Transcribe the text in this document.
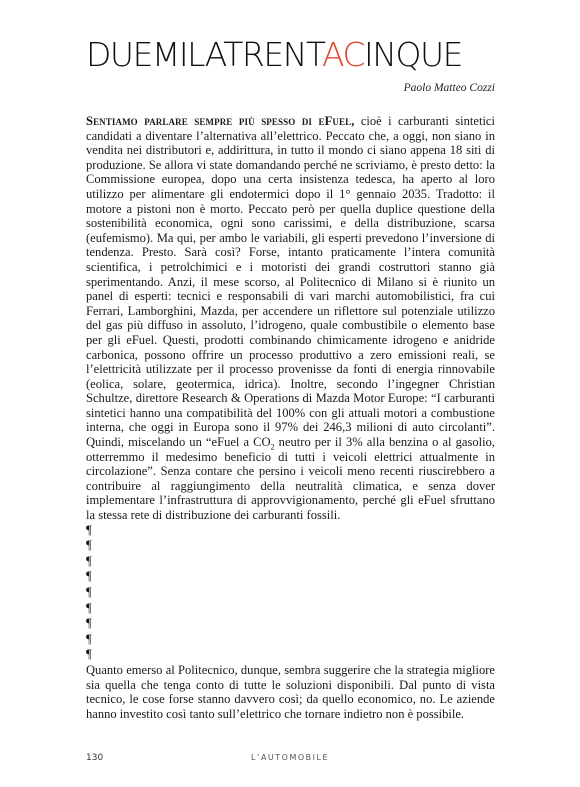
DUEMILATRENTACINQUE
Paolo Matteo Cozzi

Sentiamo parlare sempre più spesso di eFuel, cioè i carburanti sintetici candidati a diventare l’alternativa all’elettrico. Peccato che, a oggi, non siano in vendita nei distributori e, addirittura, in tutto il mondo ci siano appena 18 siti di produzione. Se allora vi state domandando perché ne scriviamo, è presto detto: la Commissione europea, dopo una certa insistenza tedesca, ha aperto al loro utilizzo per alimentare gli endotermici dopo il 1° gennaio 2035. Tradotto: il motore a pistoni non è morto. Peccato però per quella duplice questione della sostenibilità economica, ogni sono carissimi, e della distribuzione, scarsa (eufemismo). Ma qui, per ambo le variabili, gli esperti prevedono l’inversione di tendenza. Presto. Sarà così? Forse, intanto praticamente l’intera comunità scientifica, i petrolchimici e i motoristi dei grandi costruttori stanno già sperimentando. Anzi, il mese scorso, al Politecnico di Milano si è riunito un panel di esperti: tecnici e responsabili di vari marchi automobilistici, fra cui Ferrari, Lamborghini, Mazda, per accendere un riflettore sul potenziale utilizzo del gas più diffuso in assoluto, l’idrogeno, quale combustibile o elemento base per gli eFuel. Questi, prodotti combinando chimicamente idrogeno e anidride carbonica, possono offrire un processo produttivo a zero emissioni reali, se l’elettricità utilizzate per il processo provenisse da fonti di energia rinnovabile (eolica, solare, geotermica, idrica). Inoltre, secondo l’ingegner Christian Schultze, direttore Research & Operations di Mazda Motor Europe: “I carburanti sintetici hanno una compatibilità del 100% con gli attuali motori a combustione interna, che oggi in Europa sono il 97% dei 246,3 milioni di auto circolanti”. Quindi, miscelando un “eFuel a $CO_2$ neutro per il 3% alla benzina o al gasolio, otterremmo il medesimo beneficio di tutti i veicoli elettrici attualmente in circolazione”. Senza contare che persino i veicoli meno recenti riuscirebbero a contribuire al raggiungimento della neutralità climatica, e senza dover implementare l’infrastruttura di approvvigionamento, perché gli eFuel sfruttano la stessa rete di distribuzione dei carburanti fossili.

¶
¶
¶
¶
¶
¶
¶
¶
¶

Quanto emerso al Politecnico, dunque, sembra suggerire che la strategia migliore sia quella che tenga conto di tutte le soluzioni disponibili. Dal punto di vista tecnico, le cose forse stanno davvero così; da quello economico, no. Le aziende hanno investito così tanto sull’elettrico che tornare indietro non è possibile.

130	L’AUTOMOBILE
